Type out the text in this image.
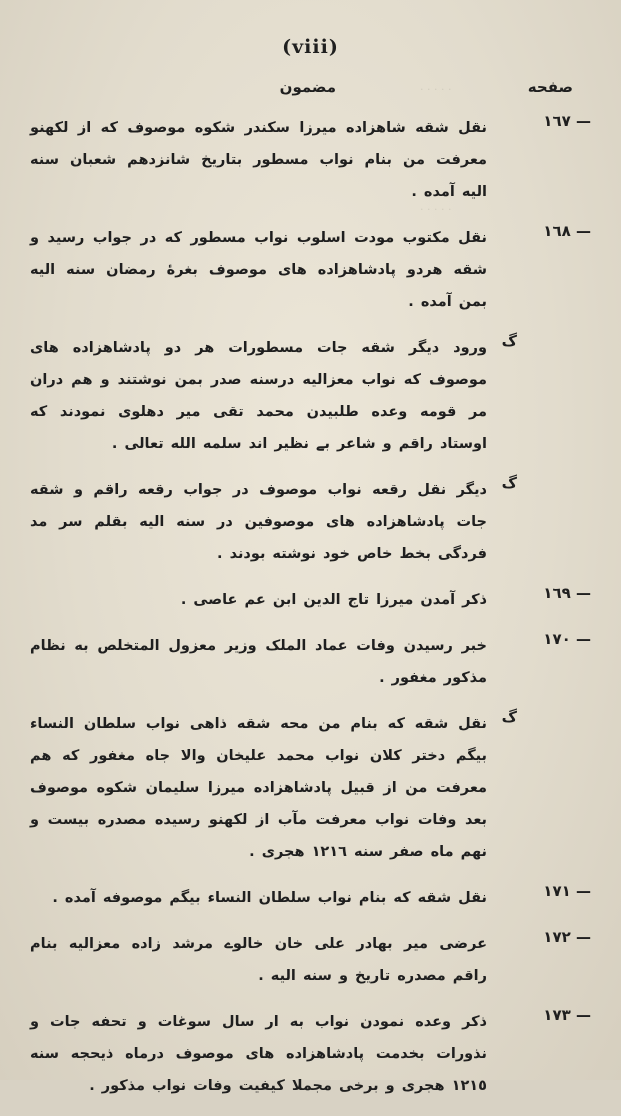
. . . . .
. . . . .
(viii)
صفحه
مضمون
١٦٧ —
نقل شقه شاهزاده میرزا سکندر شکوه موصوف که از لکهنو معرفت من بنام نواب مسطور بتاریخ شانزدهم شعبان سنه الیه آمده .
١٦٨ —
نقل مکتوب مودت اسلوب نواب مسطور که در جواب رسید و شقه هردو پادشاهزاده های موصوف بغرهٔ رمضان سنه الیه بمن آمده .
گ
ورود دیگر شقه جات مسطورات هر دو پادشاهزاده های موصوف که نواب معزالیه درسنه صدر بمن نوشتند و هم دران مر قومه وعده طلبیدن محمد تقی میر دهلوی نمودند که اوستاد راقم و شاعر بے نظیر اند سلمه الله تعالی .
گ
دیگر نقل رقعه نواب موصوف در جواب رقعه راقم و شقه جات پادشاهزاده های موصوفین در سنه الیه بقلم سر مد فردگی بخط خاص خود نوشته بودند .
١٦٩ —
ذکر آمدن میرزا تاج الدین ابن عم عاصی .
١٧٠ —
خبر رسیدن وفات عماد الملک وزیر معزول المتخلص به نظام مذکور مغفور .
گ
نقل شقه که بنام من محه شقه ذاهی نواب سلطان النساء بیگم دختر کلان نواب محمد علیخان والا جاه مغفور که هم معرفت من از قبیل پادشاهزاده میرزا سلیمان شکوه موصوف بعد وفات نواب معرفت مآب از لکهنو رسیده مصدره بیست و نهم ماه صفر سنه ١٢١٦ هجری .
١٧١ —
نقل شقه که بنام نواب سلطان النساء بیگم موصوفه آمده .
١٧٢ —
عرضی میر بهادر علی خان خالوے مرشد زاده معزالیه بنام راقم مصدره تاریخ و سنه الیه .
١٧٣ —
ذکر وعده نمودن نواب به ار سال سوغات و تحفه جات و نذورات بخدمت پادشاهزاده های موصوف درماه ذیحجه سنه ١٢١٥ هجری و برخی مجملا کیفیت وفات نواب مذکور .
